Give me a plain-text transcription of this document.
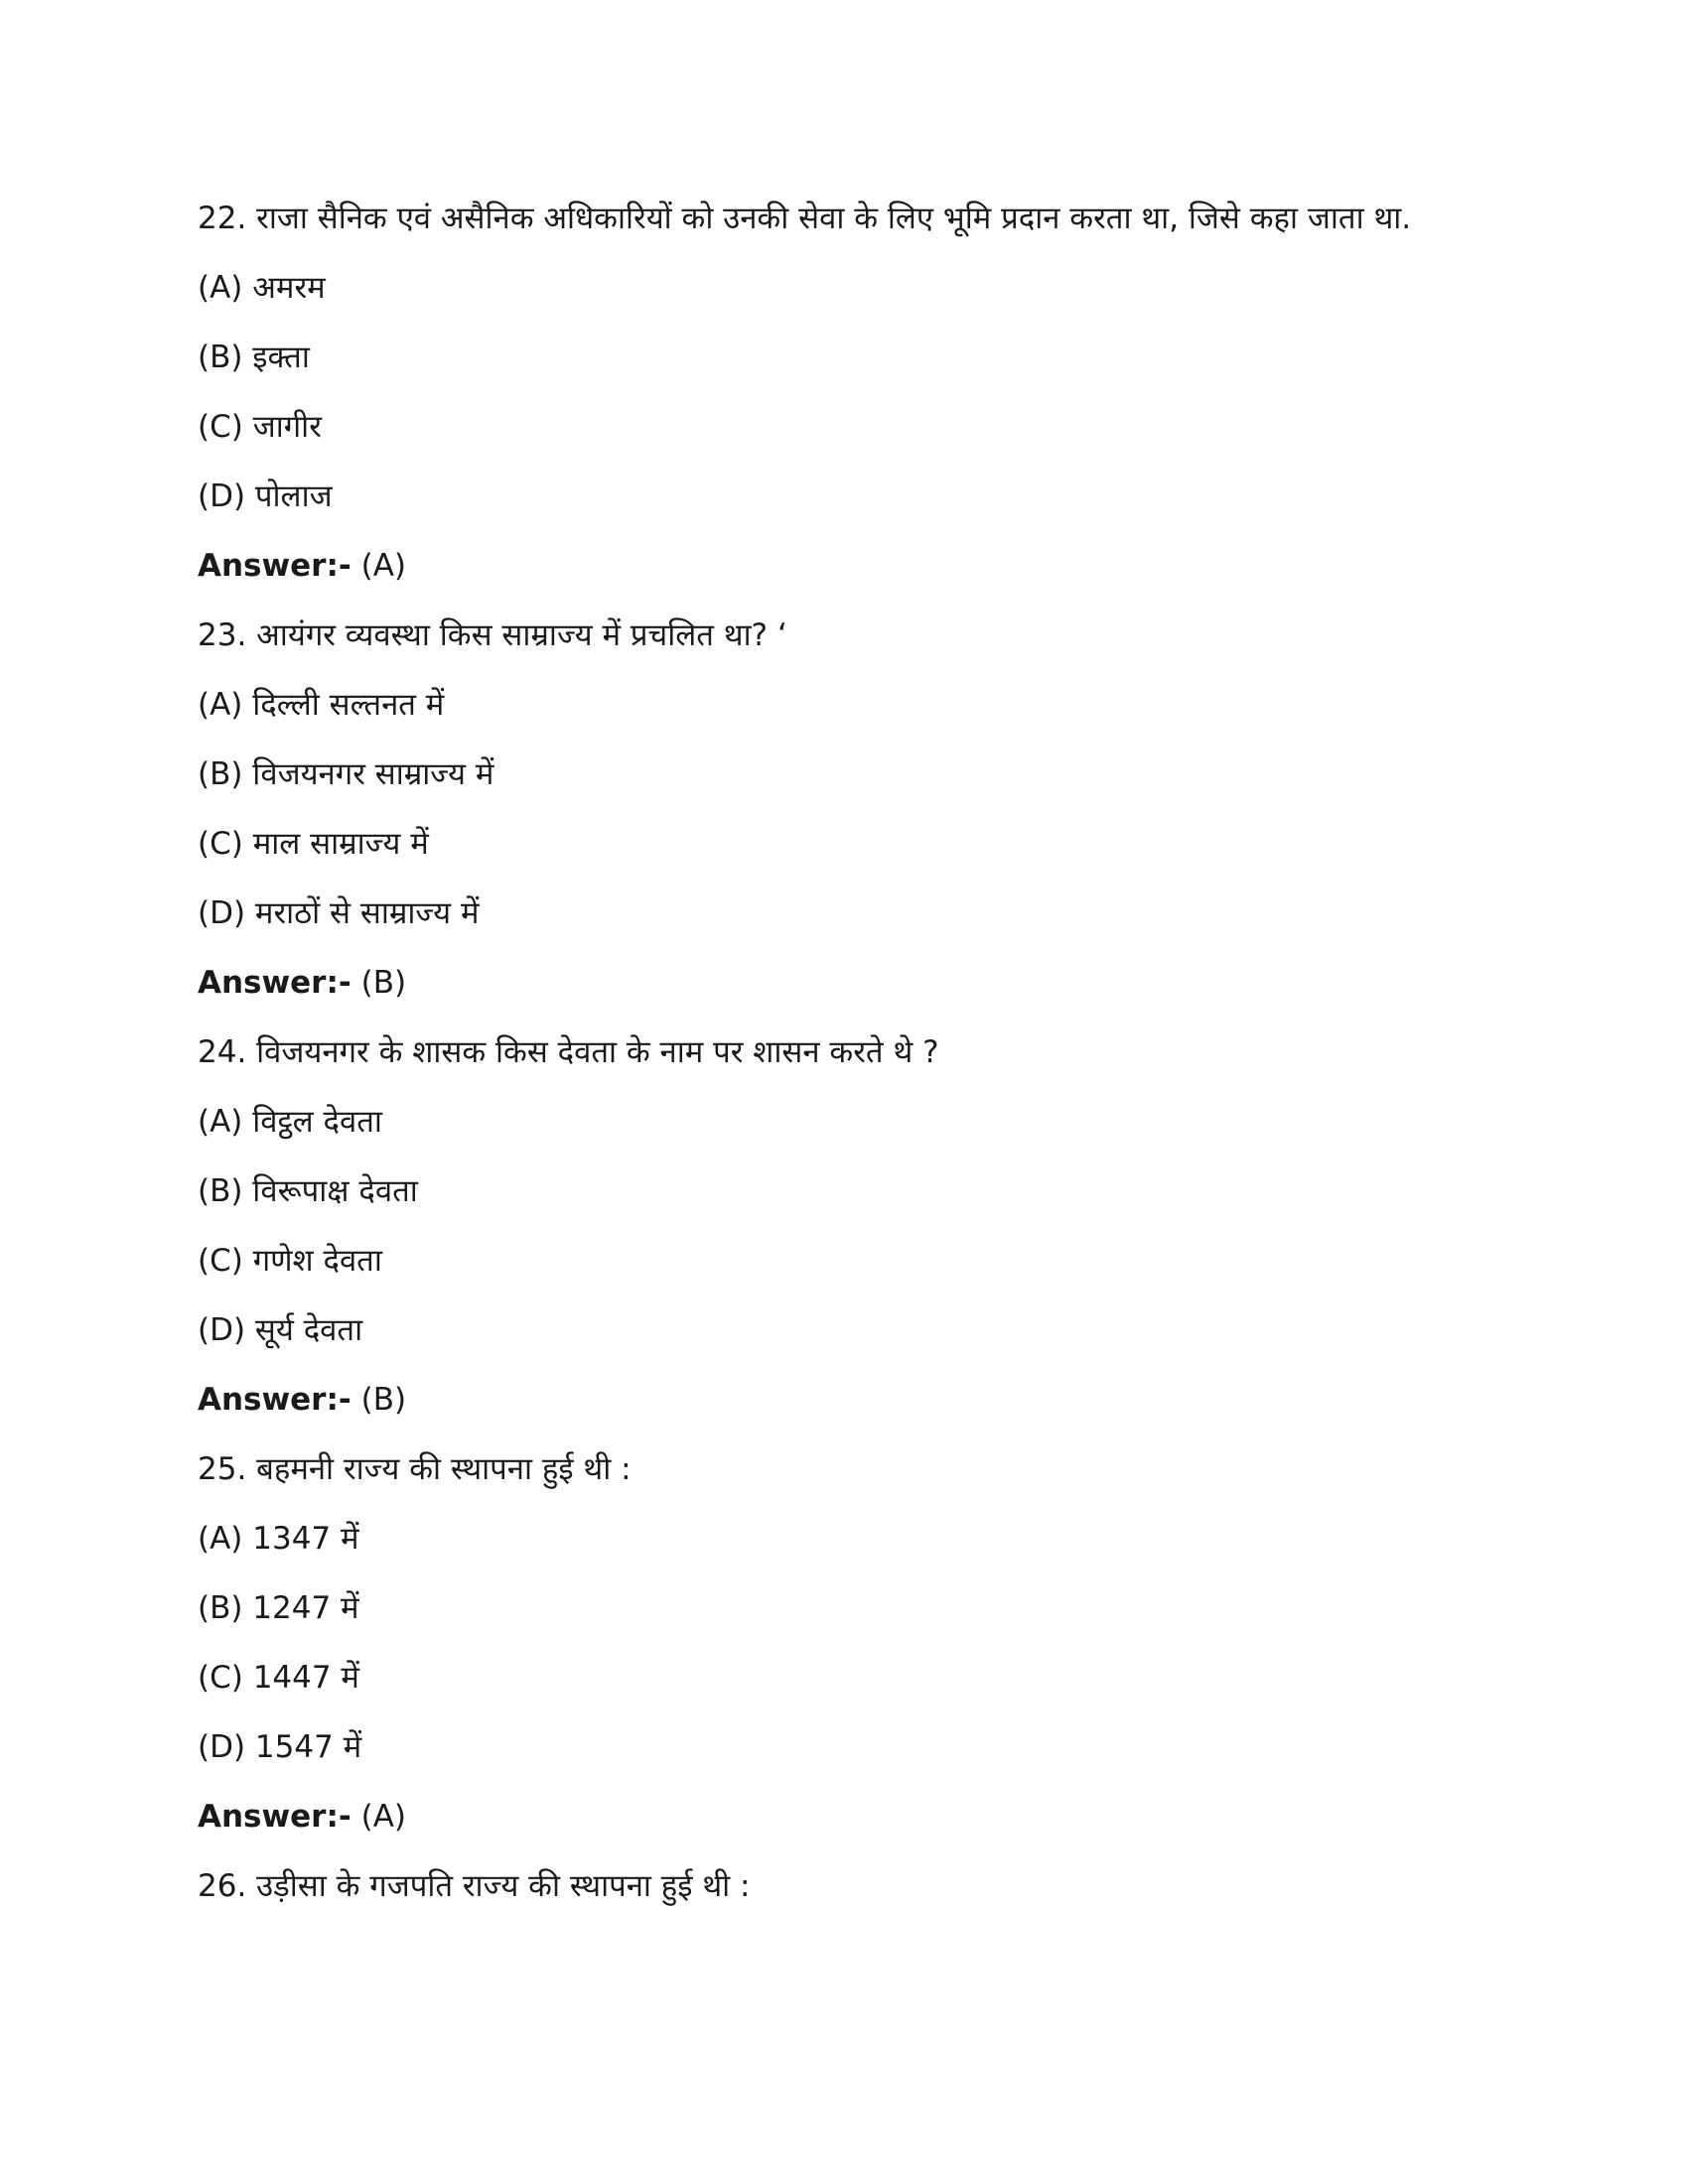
22. राजा सैनिक एवं असैनिक अधिकारियों को उनकी सेवा के लिए भूमि प्रदान करता था, जिसे कहा जाता था.
(A) अमरम
(B) इक्ता
(C) जागीर
(D) पोलाज
Answer:- (A)
23. आयंगर व्यवस्था किस साम्राज्य में प्रचलित था? ‘
(A) दिल्ली सल्तनत में
(B) विजयनगर साम्राज्य में
(C) माल साम्राज्य में
(D) मराठों से साम्राज्य में
Answer:- (B)
24. विजयनगर के शासक किस देवता के नाम पर शासन करते थे ?
(A) विट्ठल देवता
(B) विरूपाक्ष देवता
(C) गणेश देवता
(D) सूर्य देवता
Answer:- (B)
25. बहमनी राज्य की स्थापना हुई थी :
(A) 1347 में
(B) 1247 में
(C) 1447 में
(D) 1547 में
Answer:- (A)
26. उड़ीसा के गजपति राज्य की स्थापना हुई थी :
